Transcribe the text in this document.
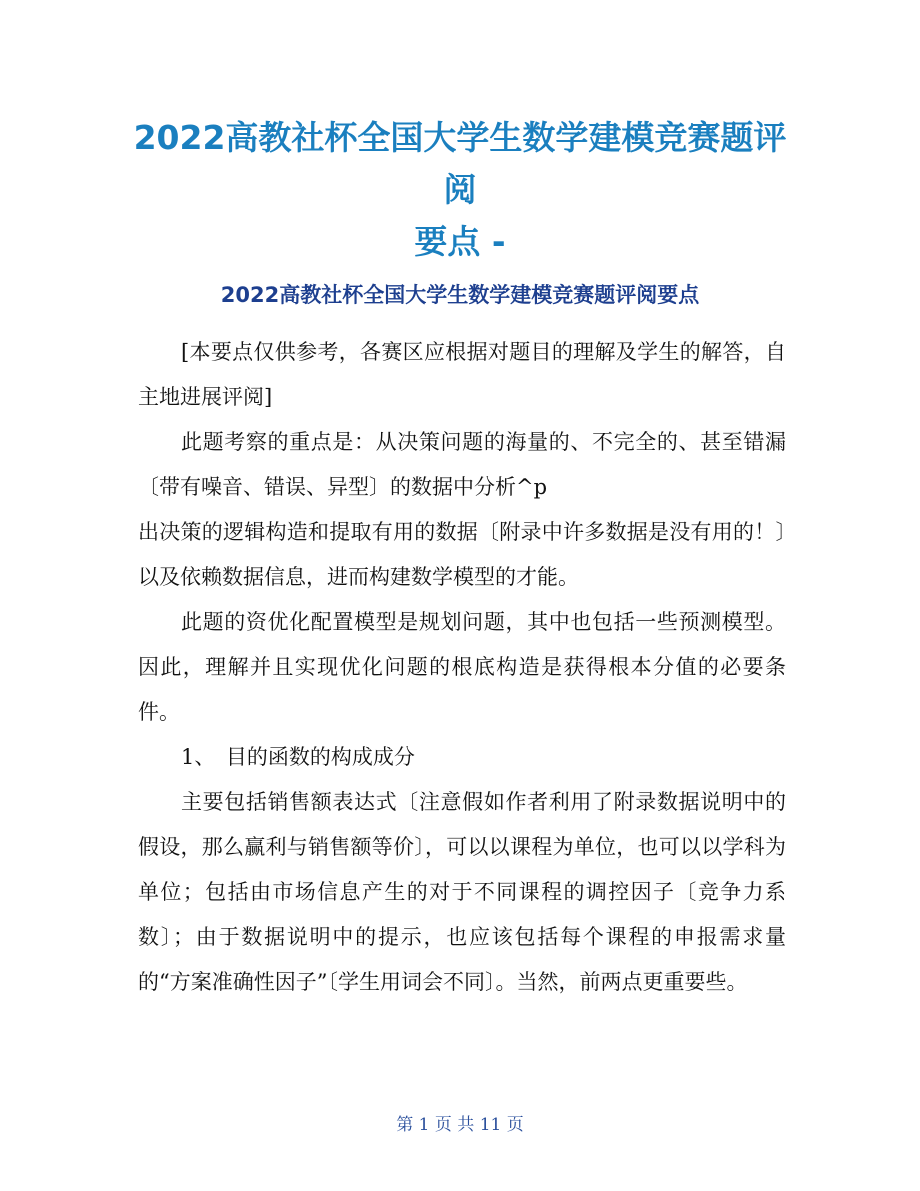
2022高教社杯全国大学生数学建模竞赛题评阅
要点 -
2022高教社杯全国大学生数学建模竞赛题评阅要点

[本要点仅供参考，各赛区应根据对题目的理解及学生的解答，自主地进展评阅]

此题考察的重点是：从决策问题的海量的、不完全的、甚至错漏〔带有噪音、错误、异型〕的数据中分析^p

出决策的逻辑构造和提取有用的数据〔附录中许多数据是没有用的！〕以及依赖数据信息，进而构建数学模型的才能。

此题的资优化配置模型是规划问题，其中也包括一些预测模型。因此，理解并且实现优化问题的根底构造是获得根本分值的必要条件。

1、　目的函数的构成成分

主要包括销售额表达式〔注意假如作者利用了附录数据说明中的假设，那么赢利与销售额等价〕，可以以课程为单位，也可以以学科为单位；包括由市场信息产生的对于不同课程的调控因子〔竞争力系数〕；由于数据说明中的提示，也应该包括每个课程的申报需求量的“方案准确性因子”〔学生用词会不同〕。当然，前两点更重要些。

第 1 页 共 11 页
